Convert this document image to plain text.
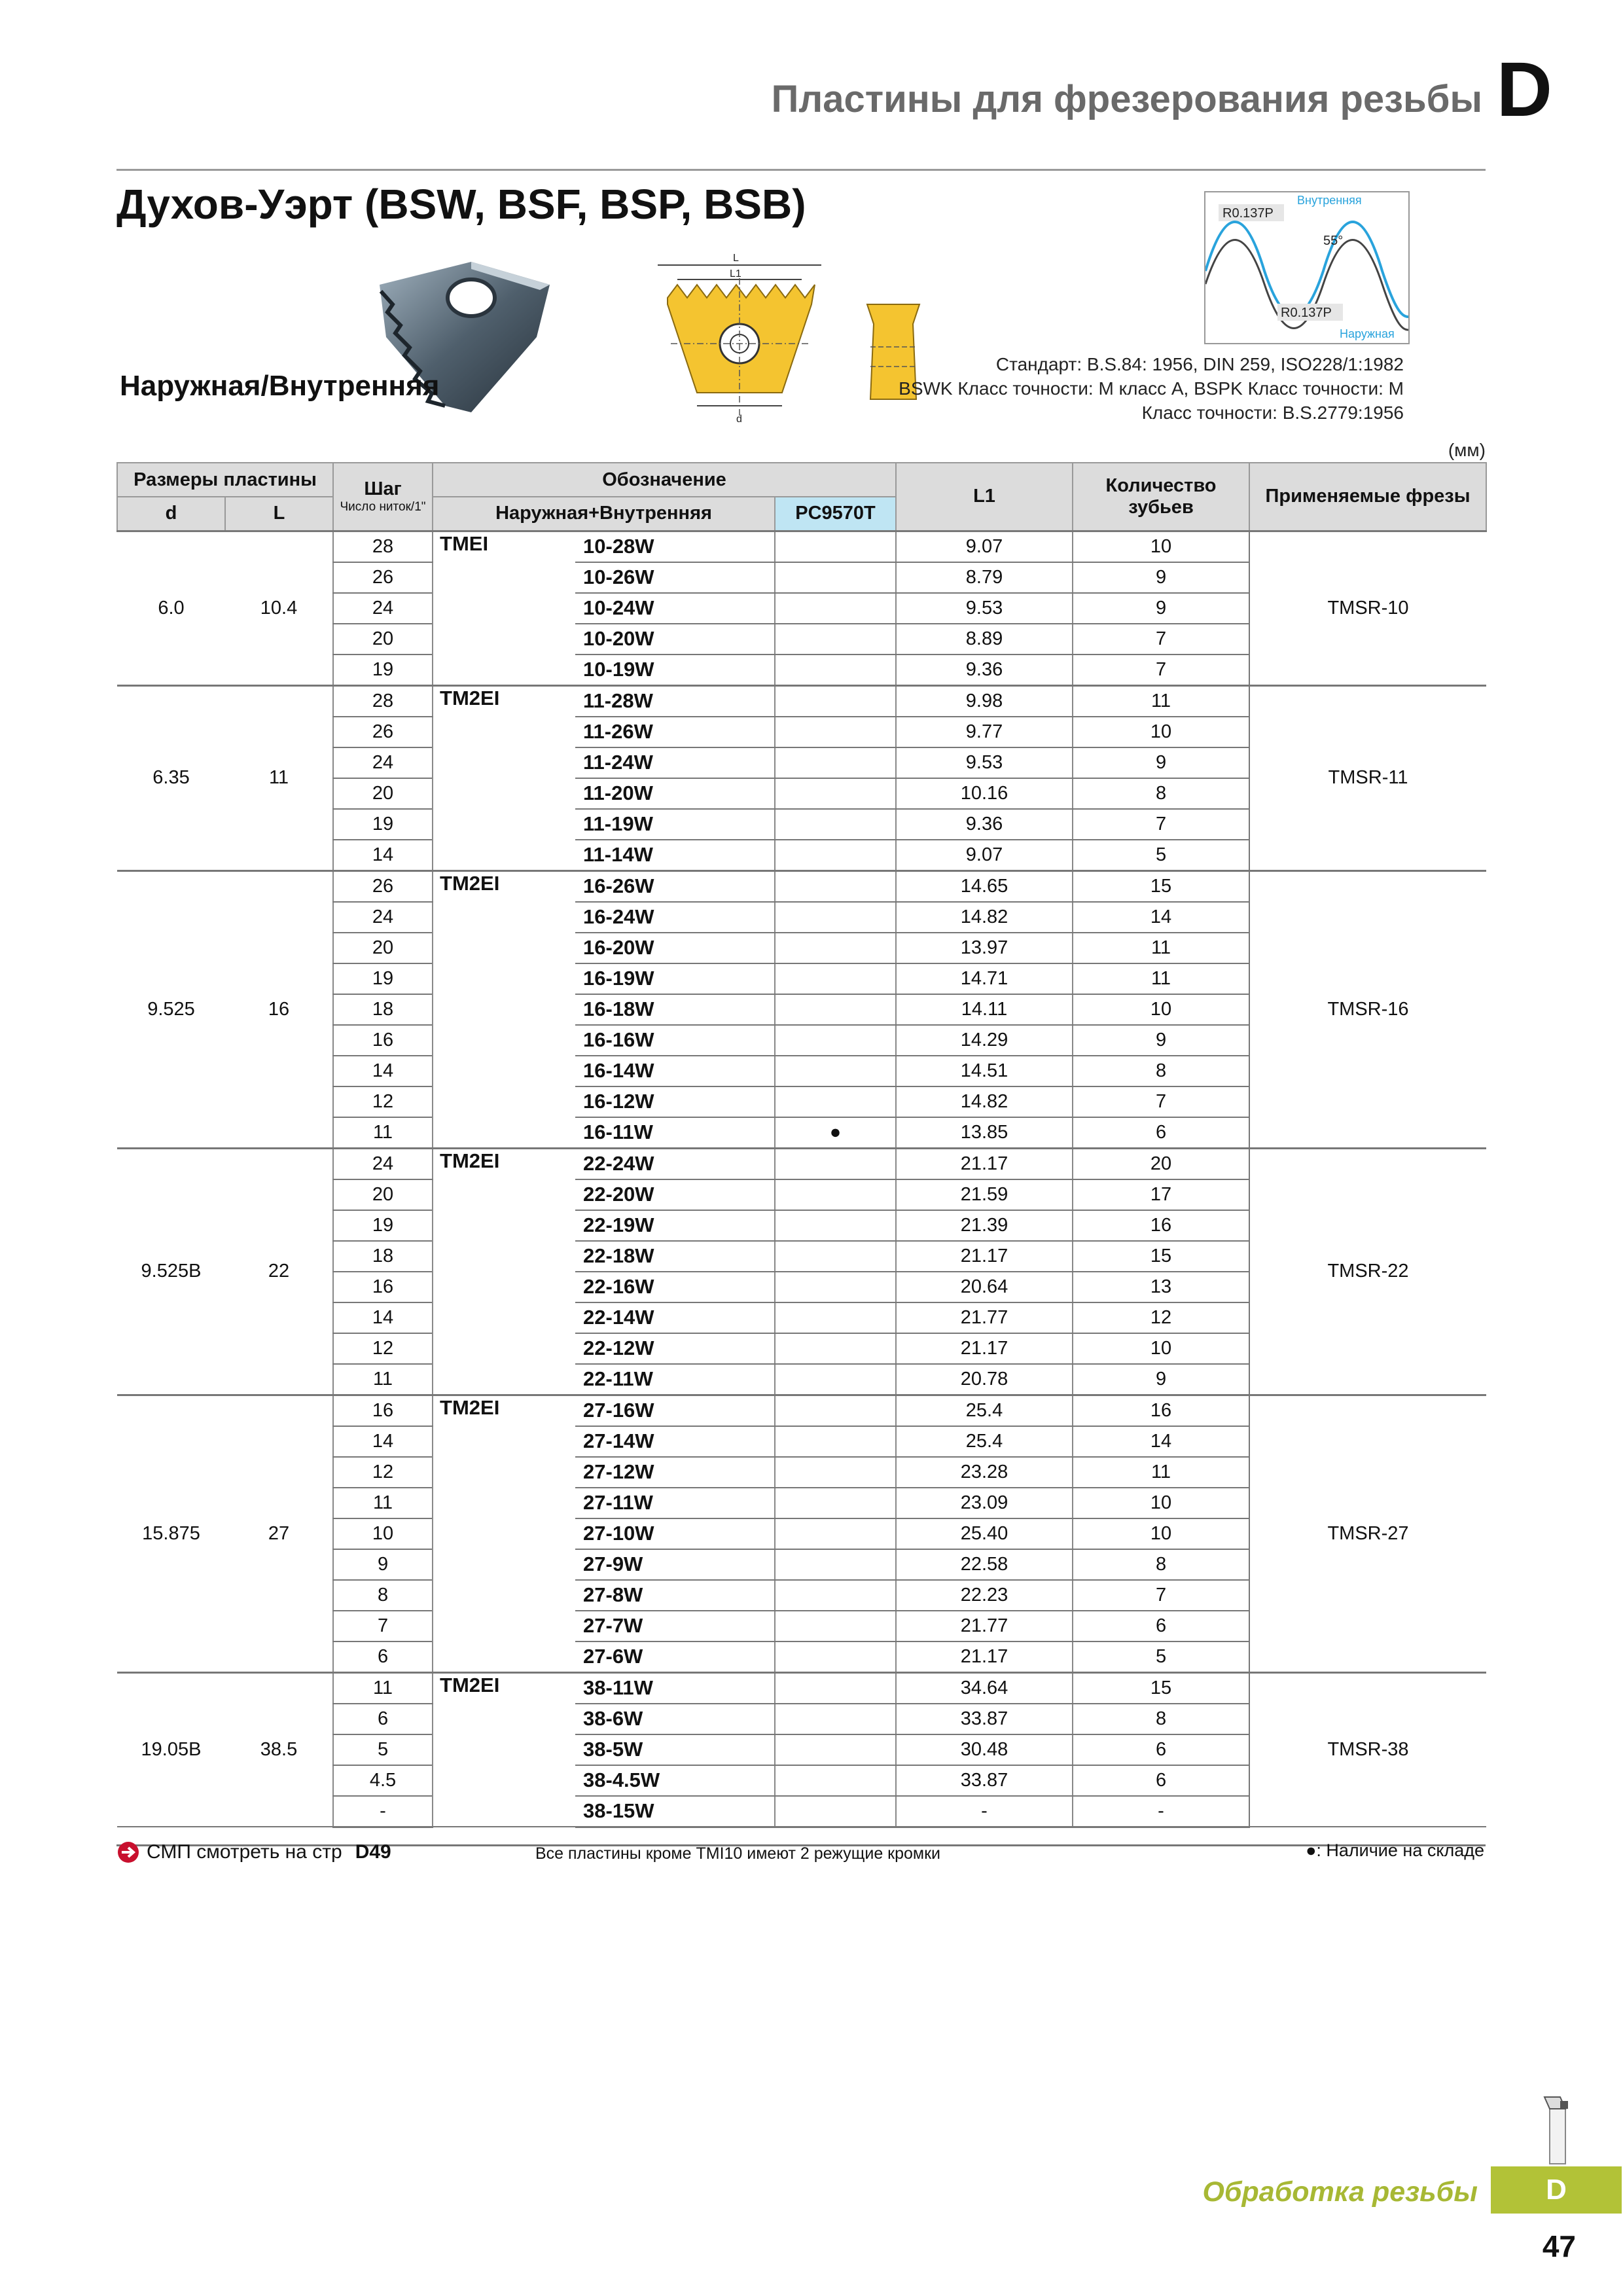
Пластины для фрезерования резьбы D
Духов-Уэрт (BSW, BSF, BSP, BSB)
L
L1
d
R0.137P
Внутренняя
55°
R0.137P
Наружная
Наружная/Внутренняя
Стандарт: B.S.84: 1956, DIN 259, ISO228/1:1982
BSWK Класс точности: M класс A, BSPK Класс точности: M
Класс точности: B.S.2779:1956
(мм)
Размеры пластины		Шаг
Число ниток/1"	Обозначение			L1	Количество зубьев	Применяемые фрезы
d	L		Наружная+Внутренняя		PC9570T			
6.0	10.4	28	TMEI	10-28W		9.07	10	TMSR-10
		26		10-26W		8.79	9	
		24		10-24W		9.53	9	
		20		10-20W		8.89	7	
		19		10-19W		9.36	7	
6.35	11	28	TM2EI	11-28W		9.98	11	TMSR-11
		26		11-26W		9.77	10	
		24		11-24W		9.53	9	
		20		11-20W		10.16	8	
		19		11-19W		9.36	7	
		14		11-14W		9.07	5	
9.525	16	26	TM2EI	16-26W		14.65	15	TMSR-16
		24		16-24W		14.82	14	
		20		16-20W		13.97	11	
		19		16-19W		14.71	11	
		18		16-18W		14.11	10	
		16		16-16W		14.29	9	
		14		16-14W		14.51	8	
		12		16-12W		14.82	7	
		11		16-11W	●	13.85	6	
9.525B	22	24	TM2EI	22-24W		21.17	20	TMSR-22
		20		22-20W		21.59	17	
		19		22-19W		21.39	16	
		18		22-18W		21.17	15	
		16		22-16W		20.64	13	
		14		22-14W		21.77	12	
		12		22-12W		21.17	10	
		11		22-11W		20.78	9	
15.875	27	16	TM2EI	27-16W		25.4	16	TMSR-27
		14		27-14W		25.4	14	
		12		27-12W		23.28	11	
		11		27-11W		23.09	10	
		10		27-10W		25.40	10	
		9		27-9W		22.58	8	
		8		27-8W		22.23	7	
		7		27-7W		21.77	6	
		6		27-6W		21.17	5	
19.05B	38.5	11	TM2EI	38-11W		34.64	15	TMSR-38
		6		38-6W		33.87	8	
		5		38-5W		30.48	6	
		4.5		38-4.5W		33.87	6	
		-		38-15W		-	-	
СМП смотреть на стр D49	Все пластины кроме TMI10 имеют 2 режущие кромки	●: Наличие на складе
Обработка резьбы	D
47
